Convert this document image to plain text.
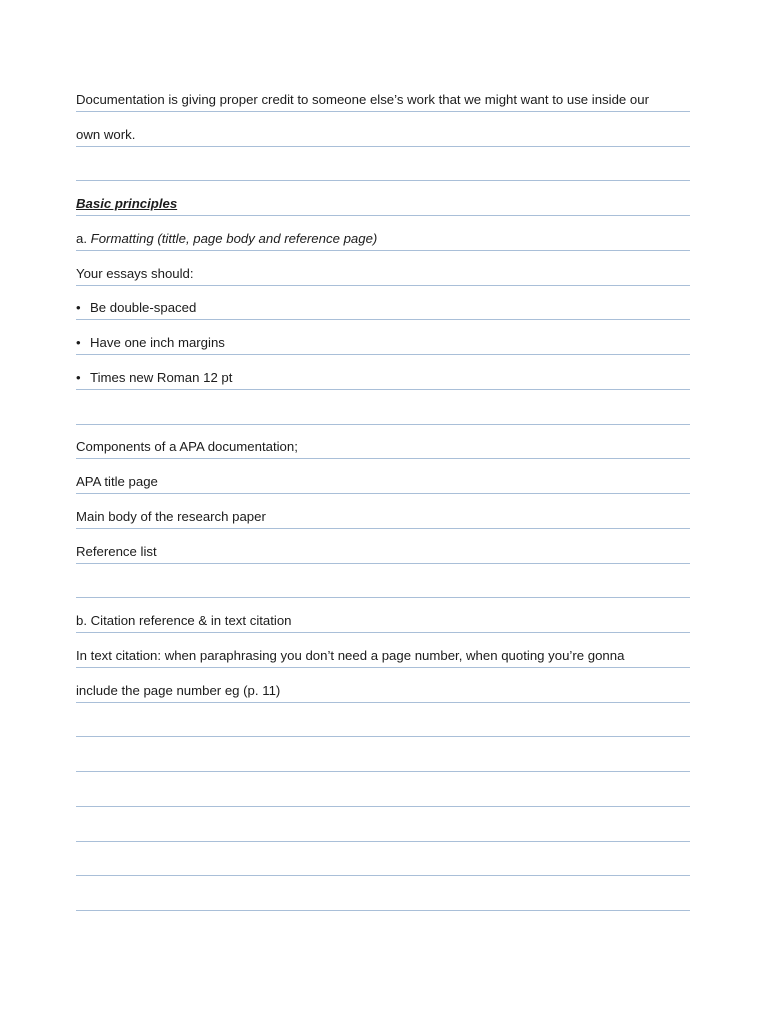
Documentation is giving proper credit to someone else’s work that we might want to use inside our
own work.
Basic principles
a. Formatting (tittle, page body and reference page)
Your essays should:
• Be double-spaced
• Have one inch margins
• Times new Roman 12 pt
Components of a APA documentation;
APA title page
Main body of the research paper
Reference list
b. Citation reference & in text citation
In text citation: when paraphrasing you don’t need a page number, when quoting you’re gonna
include the page number eg (p. 11)
